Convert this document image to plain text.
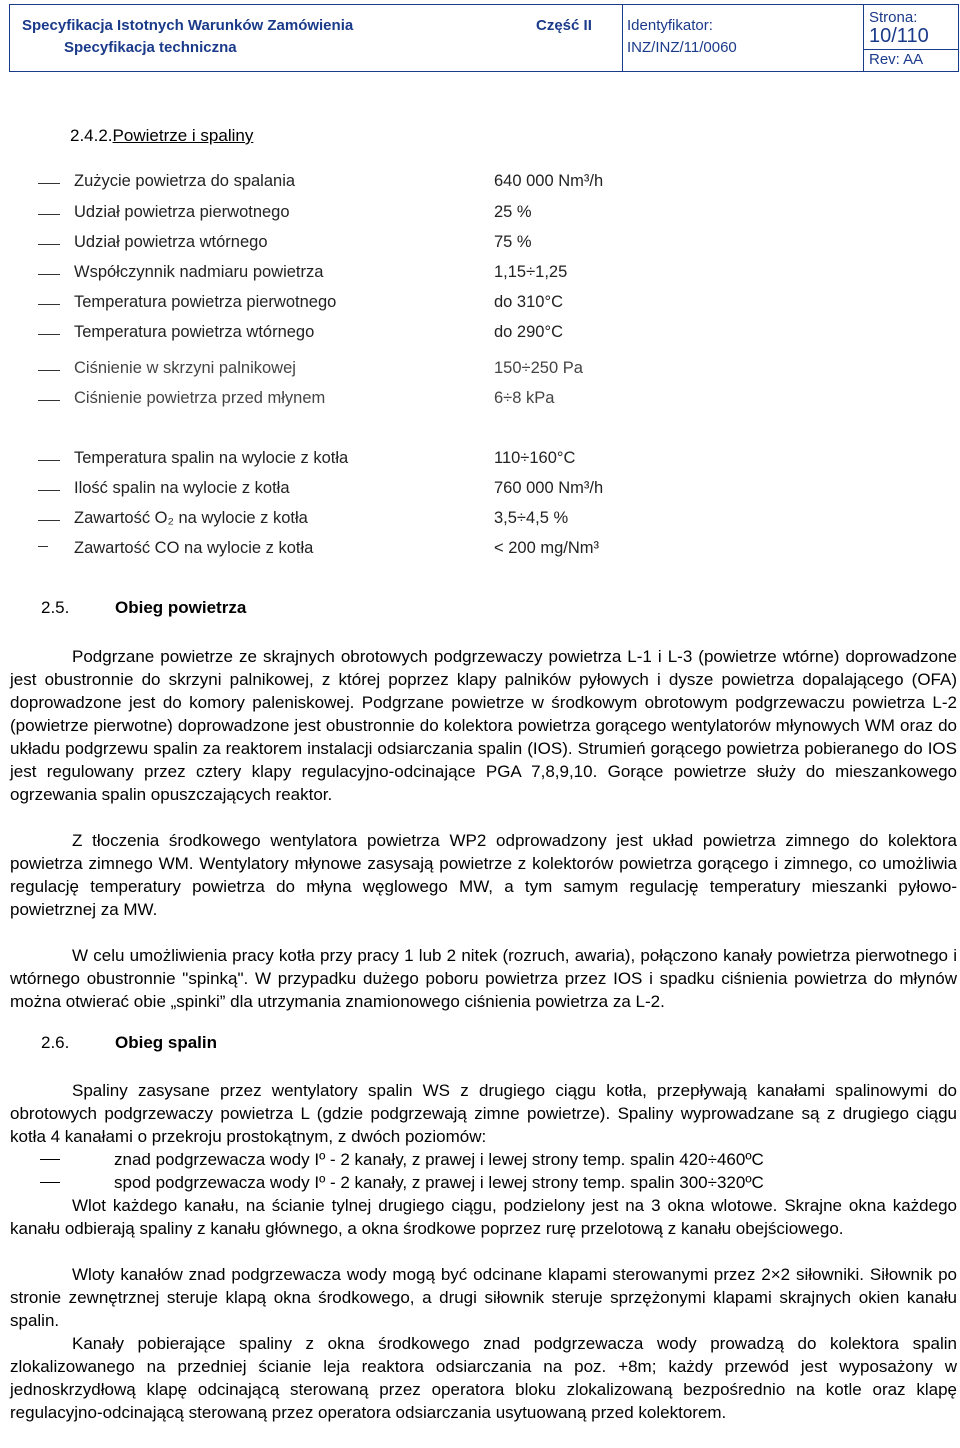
Specyfikacja Istotnych Warunków Zamówienia
Specyfikacja techniczna
Część II Identyfikator:
INZ/INZ/11/0060
Strona:
10/110
Rev: AA
2.4.2.Powietrze i spaliny
Zużycie powietrza do spalania	640 000 Nm³/h
Udział powietrza pierwotnego	25 %
Udział powietrza wtórnego	75 %
Współczynnik nadmiaru powietrza	1,15÷1,25
Temperatura powietrza pierwotnego	do 310°C
Temperatura powietrza wtórnego	do 290°C
Ciśnienie w skrzyni palnikowej	150÷250 Pa
Ciśnienie powietrza przed młynem	6÷8 kPa
Temperatura spalin na wylocie z kotła	110÷160°C
Ilość spalin na wylocie z kotła	760 000 Nm³/h
Zawartość O₂ na wylocie z kotła	3,5÷4,5 %
Zawartość CO na wylocie z kotła	< 200 mg/Nm³
2.5.	Obieg powietrza
Podgrzane powietrze ze skrajnych obrotowych podgrzewaczy powietrza L-1 i L-3 (powietrze wtórne) doprowadzone jest obustronnie do skrzyni palnikowej, z której poprzez klapy palników pyłowych i dysze powietrza dopalającego (OFA) doprowadzone jest do komory paleniskowej. Podgrzane powietrze w środkowym obrotowym podgrzewaczu powietrza L-2 (powietrze pierwotne) doprowadzone jest obustronnie do kolektora powietrza gorącego wentylatorów młynowych WM oraz do układu podgrzewu spalin za reaktorem instalacji odsiarczania spalin (IOS). Strumień gorącego powietrza pobieranego do IOS jest regulowany przez cztery klapy regulacyjno-odcinające PGA 7,8,9,10. Gorące powietrze służy do mieszankowego ogrzewania spalin opuszczających reaktor.
Z tłoczenia środkowego wentylatora powietrza WP2 odprowadzony jest układ powietrza zimnego do kolektora powietrza zimnego WM. Wentylatory młynowe zasysają powietrze z kolektorów powietrza gorącego i zimnego, co umożliwia regulację temperatury powietrza do młyna węglowego MW, a tym samym regulację temperatury mieszanki pyłowo-powietrznej za MW.
W celu umożliwienia pracy kotła przy pracy 1 lub 2 nitek (rozruch, awaria), połączono kanały powietrza pierwotnego i wtórnego obustronnie "spinką". W przypadku dużego poboru powietrza przez IOS i spadku ciśnienia powietrza do młynów można otwierać obie „spinki” dla utrzymania znamionowego ciśnienia powietrza za L-2.
2.6.	Obieg spalin
Spaliny zasysane przez wentylatory spalin WS z drugiego ciągu kotła, przepływają kanałami spalinowymi do obrotowych podgrzewaczy powietrza L (gdzie podgrzewają zimne powietrze). Spaliny wyprowadzane są z drugiego ciągu kotła 4 kanałami o przekroju prostokątnym, z dwóch poziomów:
znad podgrzewacza wody Iº - 2 kanały, z prawej i lewej strony temp. spalin 420÷460ºC
spod podgrzewacza wody Iº - 2 kanały, z prawej i lewej strony temp. spalin 300÷320ºC
Wlot każdego kanału, na ścianie tylnej drugiego ciągu, podzielony jest na 3 okna wlotowe. Skrajne okna każdego kanału odbierają spaliny z kanału głównego, a okna środkowe poprzez rurę przelotową z kanału obejściowego.
Wloty kanałów znad podgrzewacza wody mogą być odcinane klapami sterowanymi przez 2×2 siłowniki. Siłownik po stronie zewnętrznej steruje klapą okna środkowego, a drugi siłownik steruje sprzężonymi klapami skrajnych okien kanału spalin.
Kanały pobierające spaliny z okna środkowego znad podgrzewacza wody prowadzą do kolektora spalin zlokalizowanego na przedniej ścianie leja reaktora odsiarczania na poz. +8m; każdy przewód jest wyposażony w jednoskrzydłową klapę odcinającą sterowaną przez operatora bloku zlokalizowaną bezpośrednio na kotle oraz klapę regulacyjno-odcinającą sterowaną przez operatora odsiarczania usytuowaną przed kolektorem.
